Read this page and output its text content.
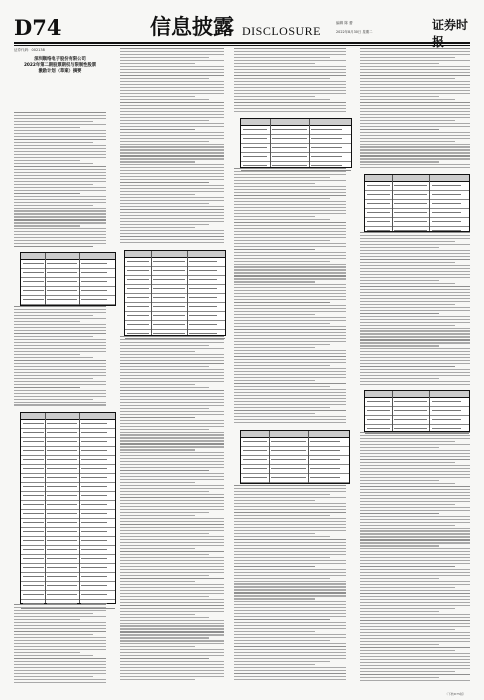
D74	信息披露 DISCLOSURE
编辑 陈 蕾
2022年8月30日 星期二	证券时
证券代码：002138
深圳顺络电子股份有限公司
2022年第二期股票期权与限制性股票
激励计划（草案）摘要
（下转D75版）
